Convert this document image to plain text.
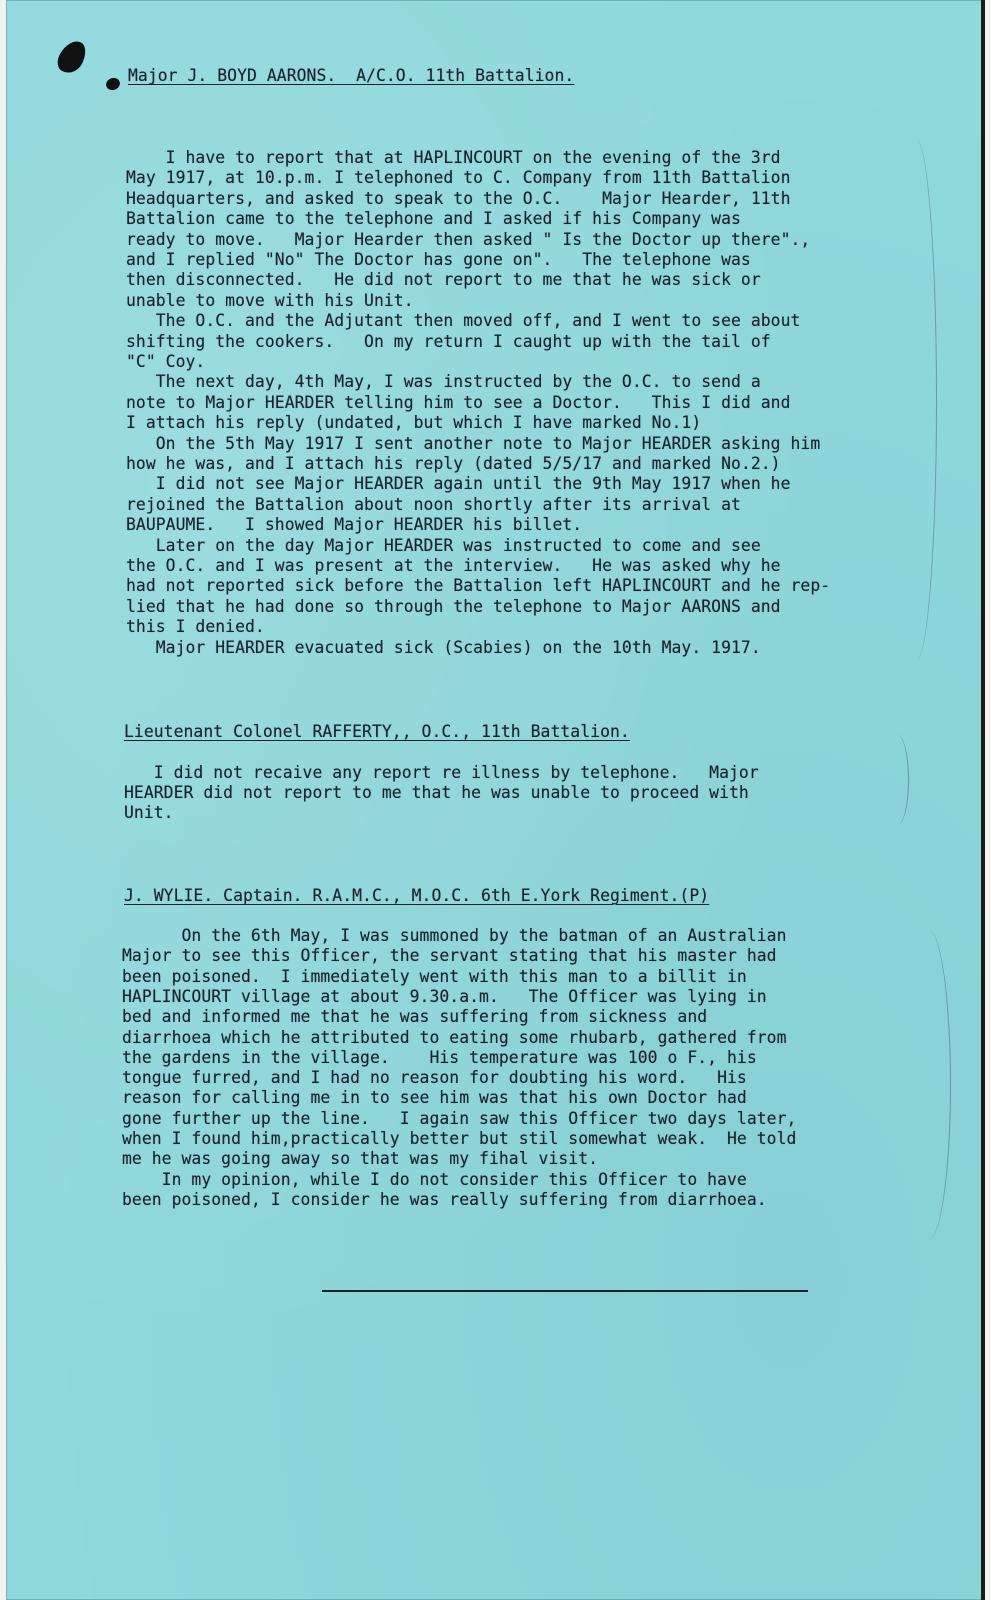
Major J. BOYD AARONS.  A/C.O. 11th Battalion.
I have to report that at HAPLINCOURT on the evening of the 3rd
May 1917, at 10.p.m. I telephoned to C. Company from 11th Battalion
Headquarters, and asked to speak to the O.C.    Major Hearder, 11th
Battalion came to the telephone and I asked if his Company was
ready to move.   Major Hearder then asked " Is the Doctor up there".,
and I replied "No" The Doctor has gone on".   The telephone was
then disconnected.   He did not report to me that he was sick or
unable to move with his Unit.
The O.C. and the Adjutant then moved off, and I went to see about
shifting the cookers.   On my return I caught up with the tail of
"C" Coy.
The next day, 4th May, I was instructed by the O.C. to send a
note to Major HEARDER telling him to see a Doctor.   This I did and
I attach his reply (undated, but which I have marked No.1)
On the 5th May 1917 I sent another note to Major HEARDER asking him
how he was, and I attach his reply (dated 5/5/17 and marked No.2.)
I did not see Major HEARDER again until the 9th May 1917 when he
rejoined the Battalion about noon shortly after its arrival at
BAUPAUME.   I showed Major HEARDER his billet.
Later on the day Major HEARDER was instructed to come and see
the O.C. and I was present at the interview.   He was asked why he
had not reported sick before the Battalion left HAPLINCOURT and he rep-
lied that he had done so through the telephone to Major AARONS and
this I denied.
Major HEARDER evacuated sick (Scabies) on the 10th May. 1917.
Lieutenant Colonel RAFFERTY,, O.C., 11th Battalion.
I did not recaive any report re illness by telephone.   Major
HEARDER did not report to me that he was unable to proceed with
Unit.
J. WYLIE. Captain. R.A.M.C., M.O.C. 6th E.York Regiment.(P)
On the 6th May, I was summoned by the batman of an Australian
Major to see this Officer, the servant stating that his master had
been poisoned.  I immediately went with this man to a billit in
HAPLINCOURT village at about 9.30.a.m.   The Officer was lying in
bed and informed me that he was suffering from sickness and
diarrhoea which he attributed to eating some rhubarb, gathered from
the gardens in the village.    His temperature was 100 o F., his
tongue furred, and I had no reason for doubting his word.   His
reason for calling me in to see him was that his own Doctor had
gone further up the line.   I again saw this Officer two days later,
when I found him,practically better but stil somewhat weak.  He told
me he was going away so that was my fihal visit.
In my opinion, while I do not consider this Officer to have
been poisoned, I consider he was really suffering from diarrhoea.
